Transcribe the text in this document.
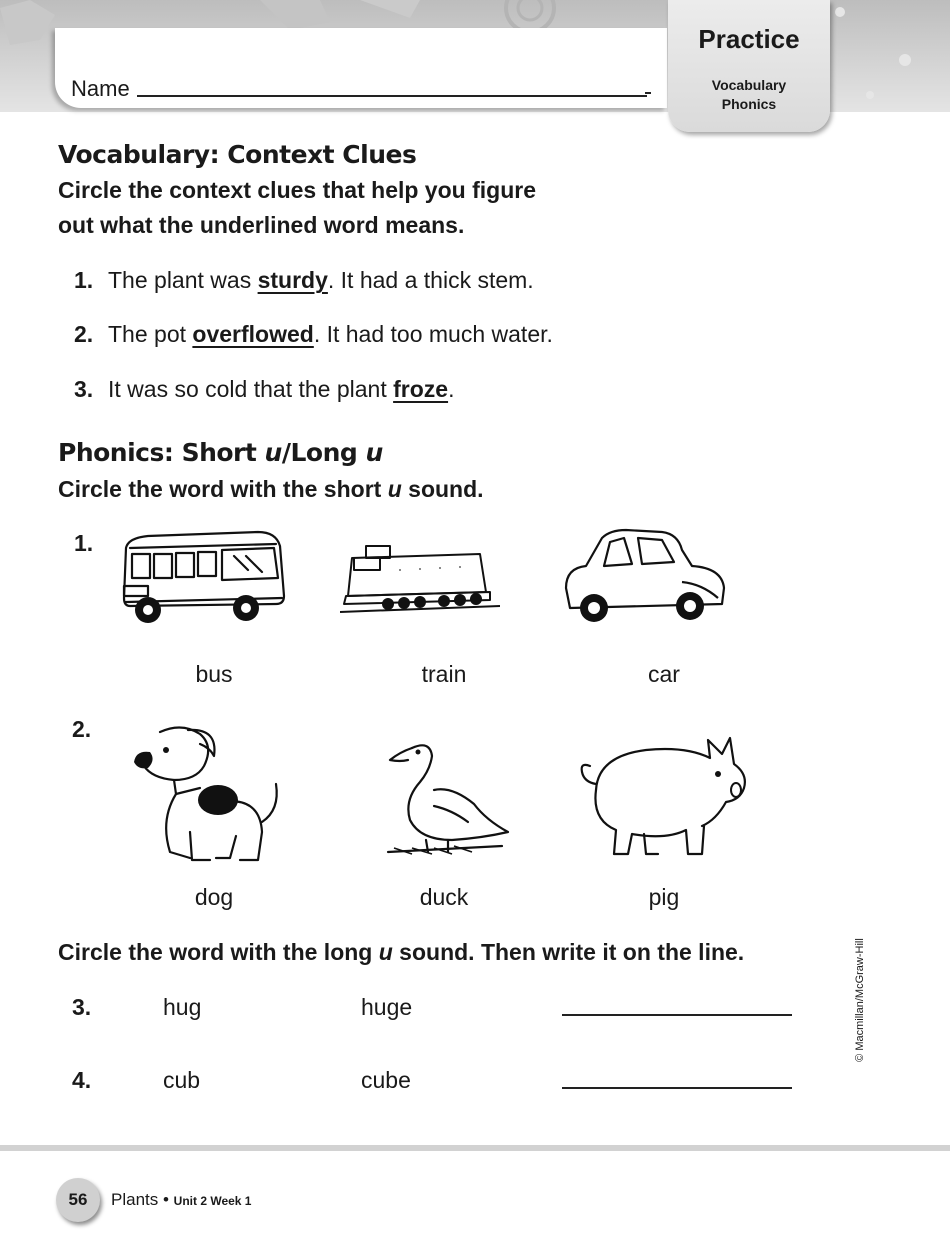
Name
Practice
Vocabulary
Phonics
Vocabulary: Context Clues
Circle the context clues that help you figure
out what the underlined word means.
1. The plant was sturdy. It had a thick stem.
2. The pot overflowed. It had too much water.
3. It was so cold that the plant froze.
Phonics: Short u/Long u
Circle the word with the short u sound.
1.
bus	train	car
2.
dog	duck	pig
Circle the word with the long u sound. Then write it on the line.
3.	hug	huge
4.	cub	cube
© Macmillan/McGraw-Hill
56	Plants • Unit 2 Week 1
